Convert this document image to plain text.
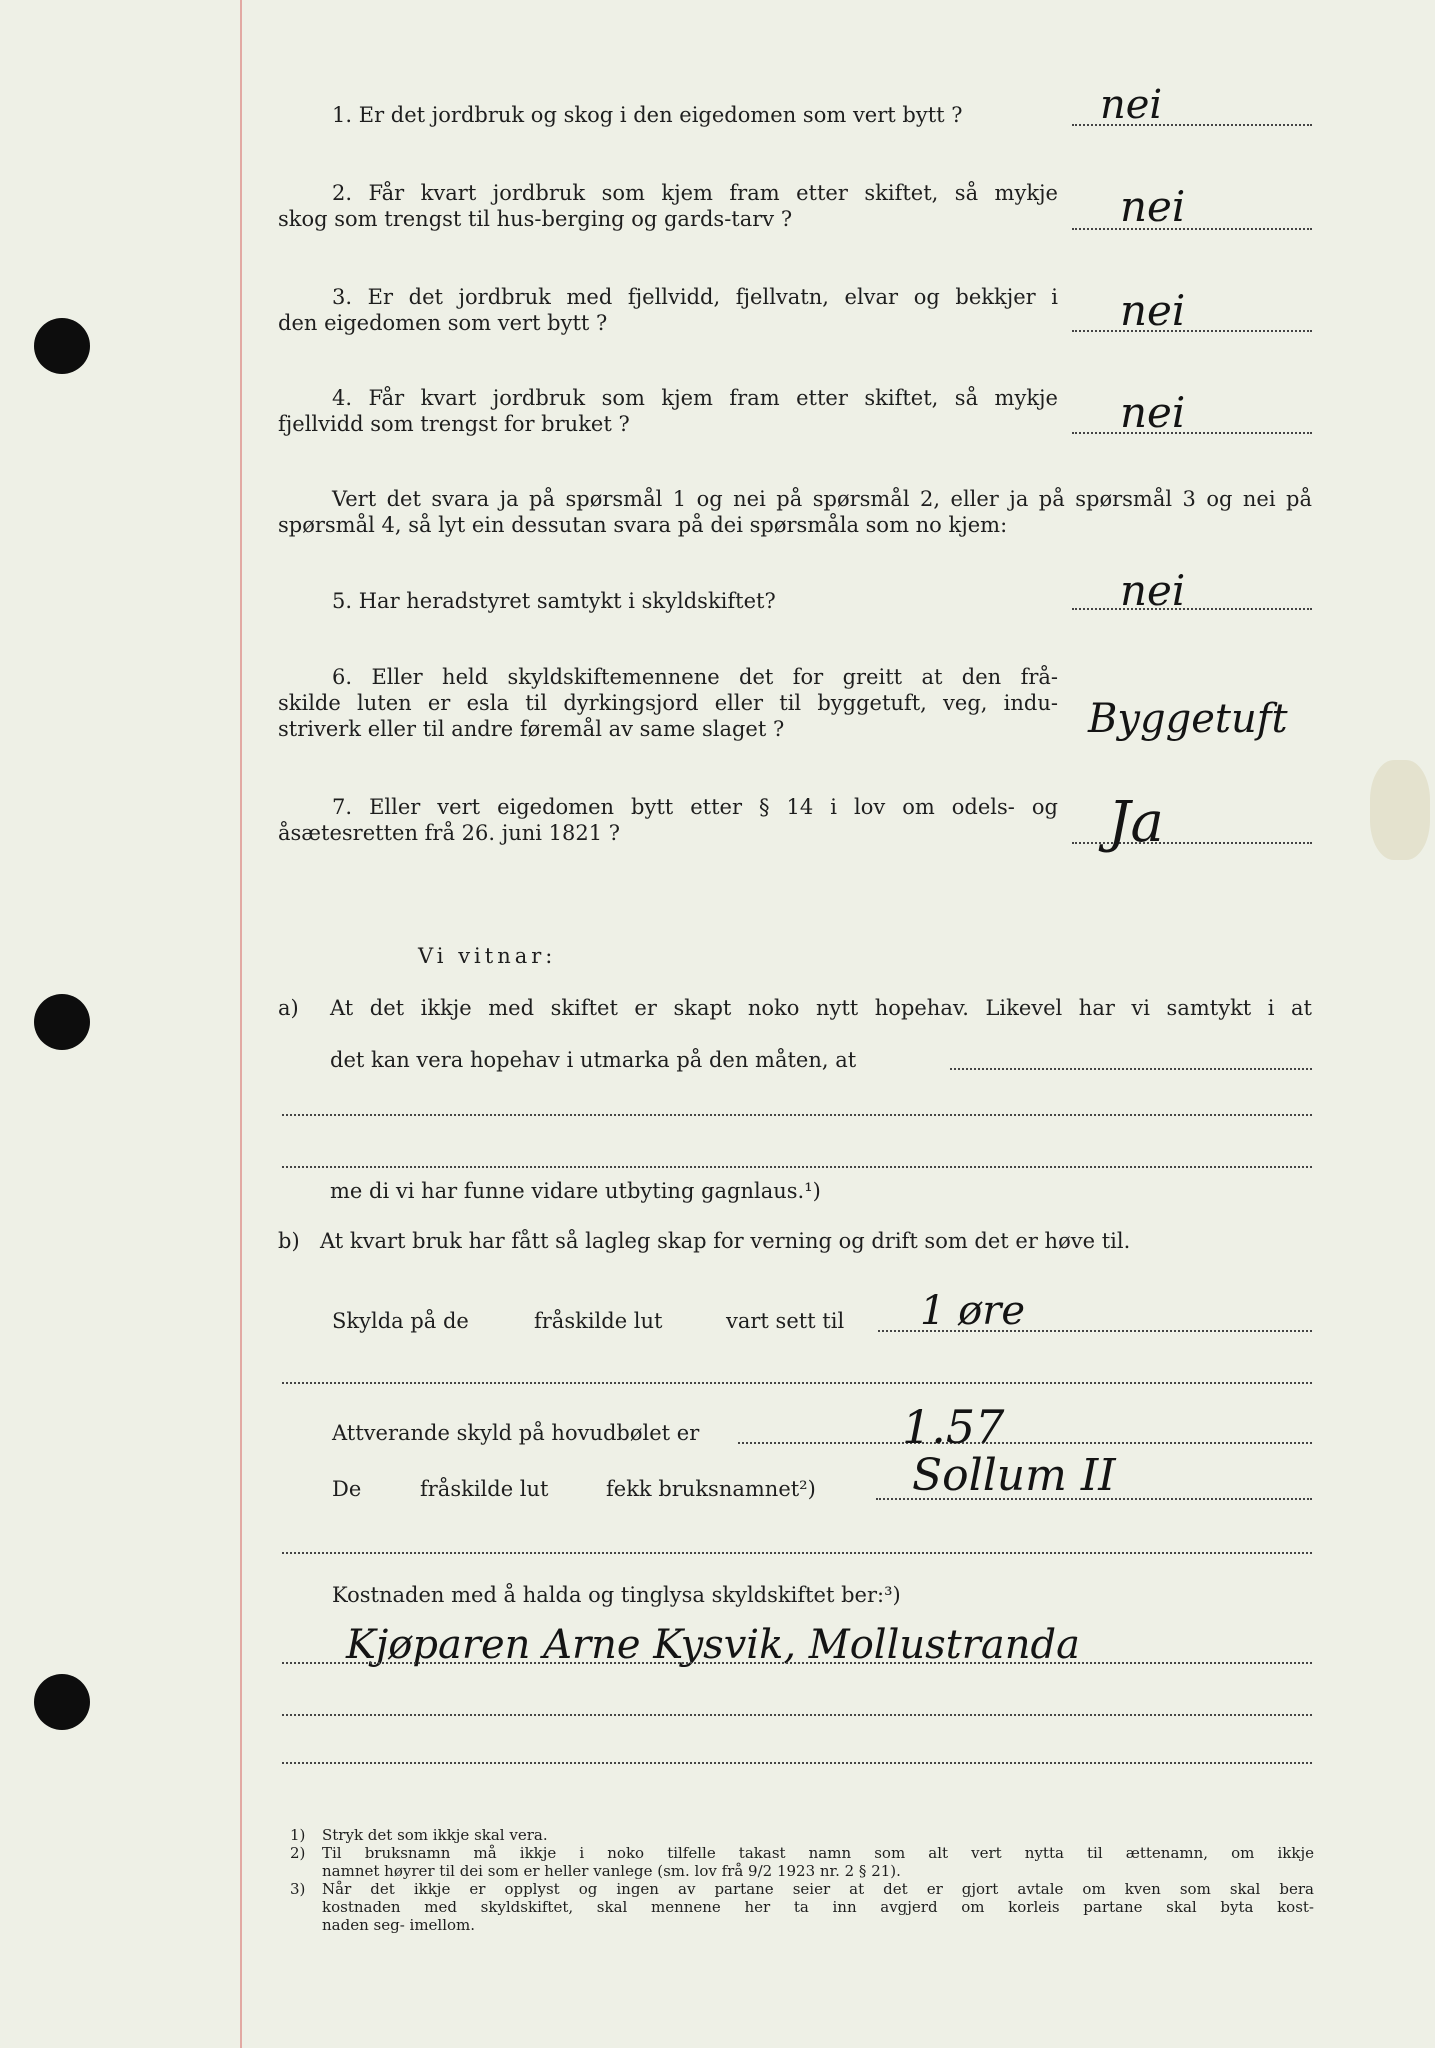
1. Er det jordbruk og skog i den eigedomen som vert bytt ?	nei
2. Får kvart jordbruk som kjem fram etter skiftet, så mykje
skog som trengst til hus-berging og gards-tarv ?	nei
3. Er det jordbruk med fjellvidd, fjellvatn, elvar og bekkjer i
den eigedomen som vert bytt ?	nei
4. Får kvart jordbruk som kjem fram etter skiftet, så mykje
fjellvidd som trengst for bruket ?	nei
Vert det svara ja på spørsmål 1 og nei på spørsmål 2, eller ja på spørsmål 3 og nei på
spørsmål 4, så lyt ein dessutan svara på dei spørsmåla som no kjem:
5. Har heradstyret samtykt i skyldskiftet?	nei
6. Eller held skyldskiftemennene det for greitt at den frå-
skilde luten er esla til dyrkingsjord eller til byggetuft, veg, indu-
striverk eller til andre føremål av same slaget ?	Byggetuft
7. Eller vert eigedomen bytt etter § 14 i lov om odels- og
åsætesretten frå 26. juni 1821 ?	Ja
Vi vitnar:
a) At det ikkje med skiftet er skapt noko nytt hopehav. Likevel har vi samtykt i at
det kan vera hopehav i utmarka på den måten, at
me di vi har funne vidare utbyting gagnlaus.¹)
b) At kvart bruk har fått så lagleg skap for verning og drift som det er høve til.
Skylda på de	fråskilde lut	vart sett til 1 øre
Attverande skyld på hovudbølet er	1.57
De	fråskilde lut	fekk bruksnamnet²) Sollum II
Kostnaden med å halda og tinglysa skyldskiftet ber:³)
Kjøparen Arne Kysvik, Mollustranda
1)	Stryk det som ikkje skal vera.
2)	Til bruksnamn må ikkje i noko tilfelle takast namn som alt vert nytta til ættenamn, om ikkje
namnet høyrer til dei som er heller vanlege (sm. lov frå 9/2 1923 nr. 2 § 21).
3)	Når det ikkje er opplyst og ingen av partane seier at det er gjort avtale om kven som skal bera
kostnaden med skyldskiftet, skal mennene her ta inn avgjerd om korleis partane skal byta kost-
naden seg- imellom.
